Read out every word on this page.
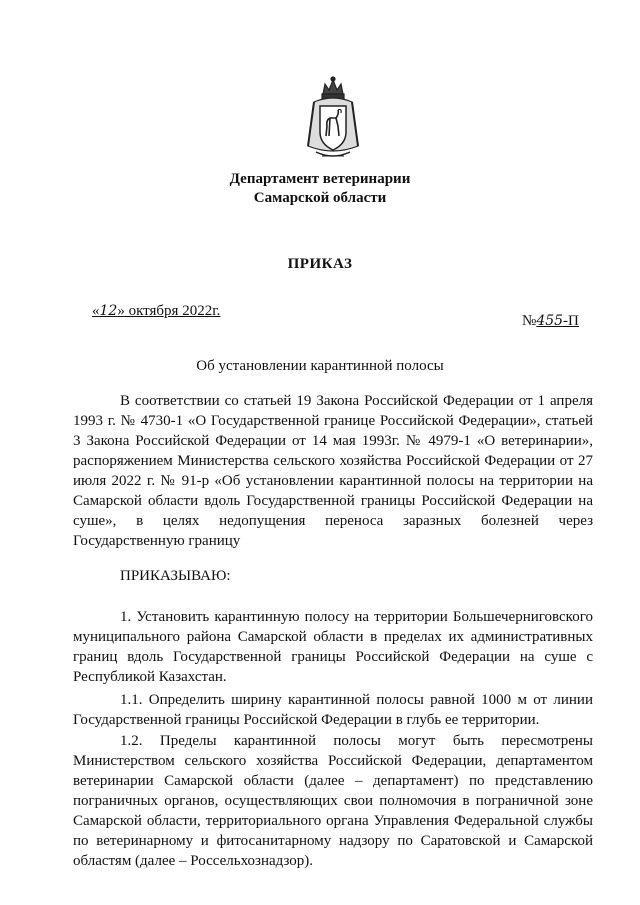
Департамент ветеринарии
Самарской области
ПРИКАЗ
«12» октября 2022г.
№455-П
Об установлении карантинной полосы
В соответствии со статьей 19 Закона Российской Федерации от 1 апреля 1993 г. № 4730-1 «О Государственной границе Российской Федерации», статьей 3 Закона Российской Федерации от 14 мая 1993г. № 4979-1 «О ветеринарии», распоряжением Министерства сельского хозяйства Российской Федерации от 27 июля 2022 г. № 91-р «Об установлении карантинной полосы на территории на Самарской области вдоль Государственной границы Российской Федерации на суше», в целях недопущения переноса заразных болезней через Государственную границу
ПРИКАЗЫВАЮ:
1. Установить карантинную полосу на территории Большечерниговского муниципального района Самарской области в пределах их административных границ вдоль Государственной границы Российской Федерации на суше с Республикой Казахстан.
1.1. Определить ширину карантинной полосы равной 1000 м от линии Государственной границы Российской Федерации в глубь ее территории.
1.2. Пределы карантинной полосы могут быть пересмотрены Министерством сельского хозяйства Российской Федерации, департаментом ветеринарии Самарской области (далее – департамент) по представлению пограничных органов, осуществляющих свои полномочия в пограничной зоне Самарской области, территориального органа Управления Федеральной службы по ветеринарному и фитосанитарному надзору по Саратовской и Самарской областям (далее – Россельхознадзор).
